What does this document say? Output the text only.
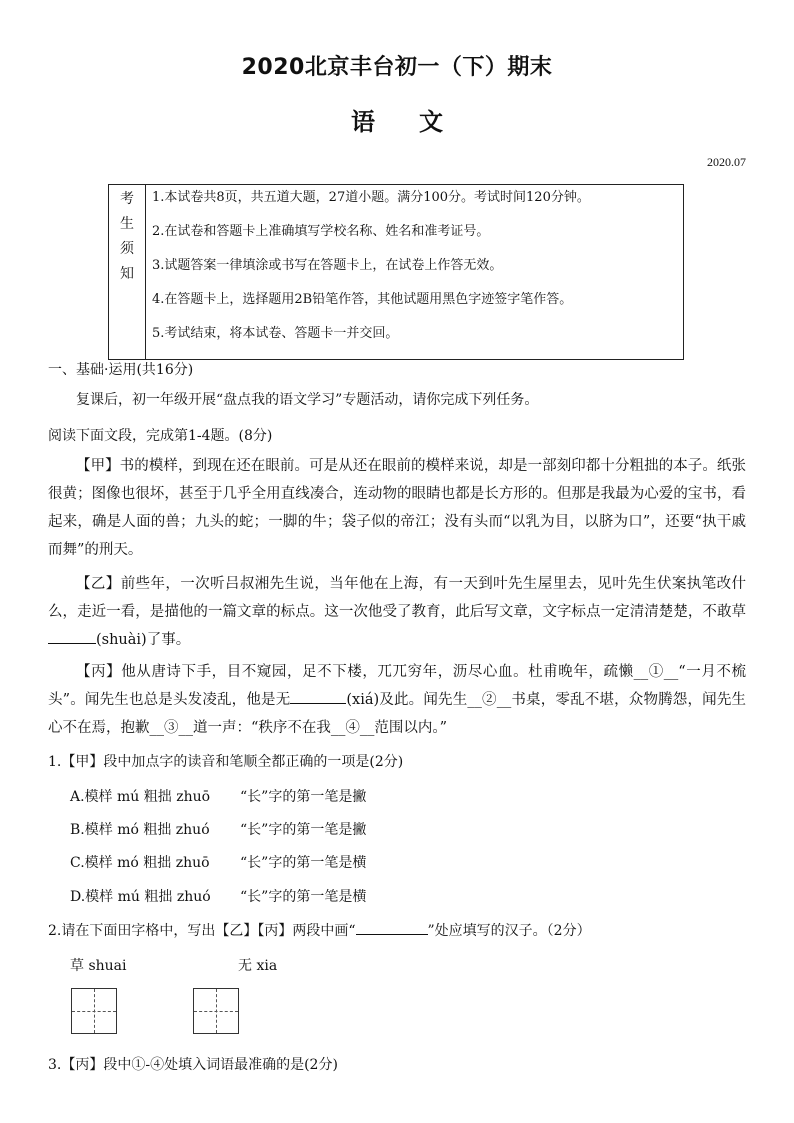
2020北京丰台初一（下）期末
语文
2020.07
考
生
须
知

1.本试卷共8页，共五道大题，27道小题。满分100分。考试时间120分钟。
2.在试卷和答题卡上准确填写学校名称、姓名和准考证号。
3.试题答案一律填涂或书写在答题卡上，在试卷上作答无效。
4.在答题卡上，选择题用2B铅笔作答，其他试题用黑色字迹签字笔作答。
5.考试结束，将本试卷、答题卡一并交回。
一、基础·运用(共16分)
复课后，初一年级开展“盘点我的语文学习”专题活动，请你完成下列任务。
阅读下面文段，完成第1-4题。(8分)
【甲】书的模样，到现在还在眼前。可是从还在眼前的模样来说，却是一部刻印都十分粗拙的本子。纸张很黄；图像也很坏，甚至于几乎全用直线凑合，连动物的眼睛也都是长方形的。但那是我最为心爱的宝书，看起来，确是人面的兽；九头的蛇；一脚的牛；袋子似的帝江；没有头而“以乳为目，以脐为口”，还要“执干戚而舞”的刑天。
【乙】前些年，一次听吕叔湘先生说，当年他在上海，有一天到叶先生屋里去，见叶先生伏案执笔改什么，走近一看，是描他的一篇文章的标点。这一次他受了教育，此后写文章，文字标点一定清清楚楚，不敢草(shuài)了事。
【丙】他从唐诗下手，目不窥园，足不下楼，兀兀穷年，沥尽心血。杜甫晚年，疏懒__①__“一月不梳头”。闻先生也总是头发凌乱，他是无	(xiá)及此。闻先生__②__书桌，零乱不堪，众物腾怨，闻先生心不在焉，抱歉__③__道一声：“秩序不在我__④__范围以内。”
1.【甲】段中加点字的读音和笔顺全都正确的一项是(2分)
A.模样 mú 粗拙 zhuō “长”字的第一笔是撇
B.模样 mó 粗拙 zhuó “长”字的第一笔是撇
C.模样 mó 粗拙 zhuō “长”字的第一笔是横
D.模样 mú 粗拙 zhuó “长”字的第一笔是横
2.请在下面田字格中，写出【乙】【丙】两段中画“	”处应填写的汉子。（2分）
草 shuai	无 xia
3.【丙】段中①-④处填入词语最准确的是(2分)
